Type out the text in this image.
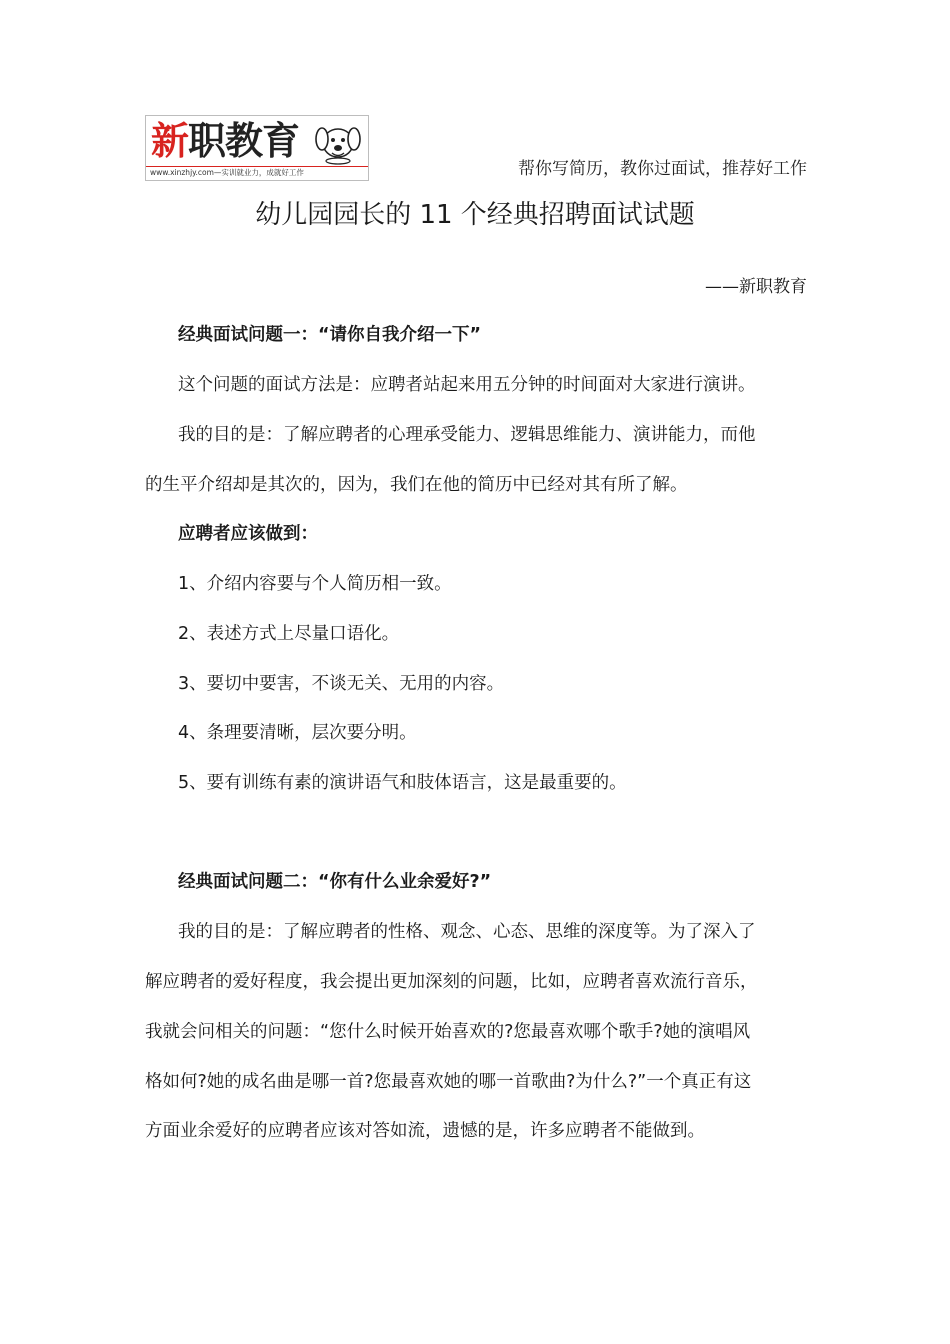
新职教育
www.xinzhjy.com—实训就业力，成就好工作	帮你写简历，教你过面试，推荐好工作
幼儿园园长的 11 个经典招聘面试试题
——新职教育
经典面试问题一：“请你自我介绍一下”
这个问题的面试方法是：应聘者站起来用五分钟的时间面对大家进行演讲。
我的目的是：了解应聘者的心理承受能力、逻辑思维能力、演讲能力，而他
的生平介绍却是其次的，因为，我们在他的简历中已经对其有所了解。
应聘者应该做到：
1、介绍内容要与个人简历相一致。
2、表述方式上尽量口语化。
3、要切中要害，不谈无关、无用的内容。
4、条理要清晰，层次要分明。
5、要有训练有素的演讲语气和肢体语言，这是最重要的。
经典面试问题二：“你有什么业余爱好?”
我的目的是：了解应聘者的性格、观念、心态、思维的深度等。为了深入了
解应聘者的爱好程度，我会提出更加深刻的问题，比如，应聘者喜欢流行音乐，
我就会问相关的问题：“您什么时候开始喜欢的?您最喜欢哪个歌手?她的演唱风
格如何?她的成名曲是哪一首?您最喜欢她的哪一首歌曲?为什么?”一个真正有这
方面业余爱好的应聘者应该对答如流，遗憾的是，许多应聘者不能做到。
